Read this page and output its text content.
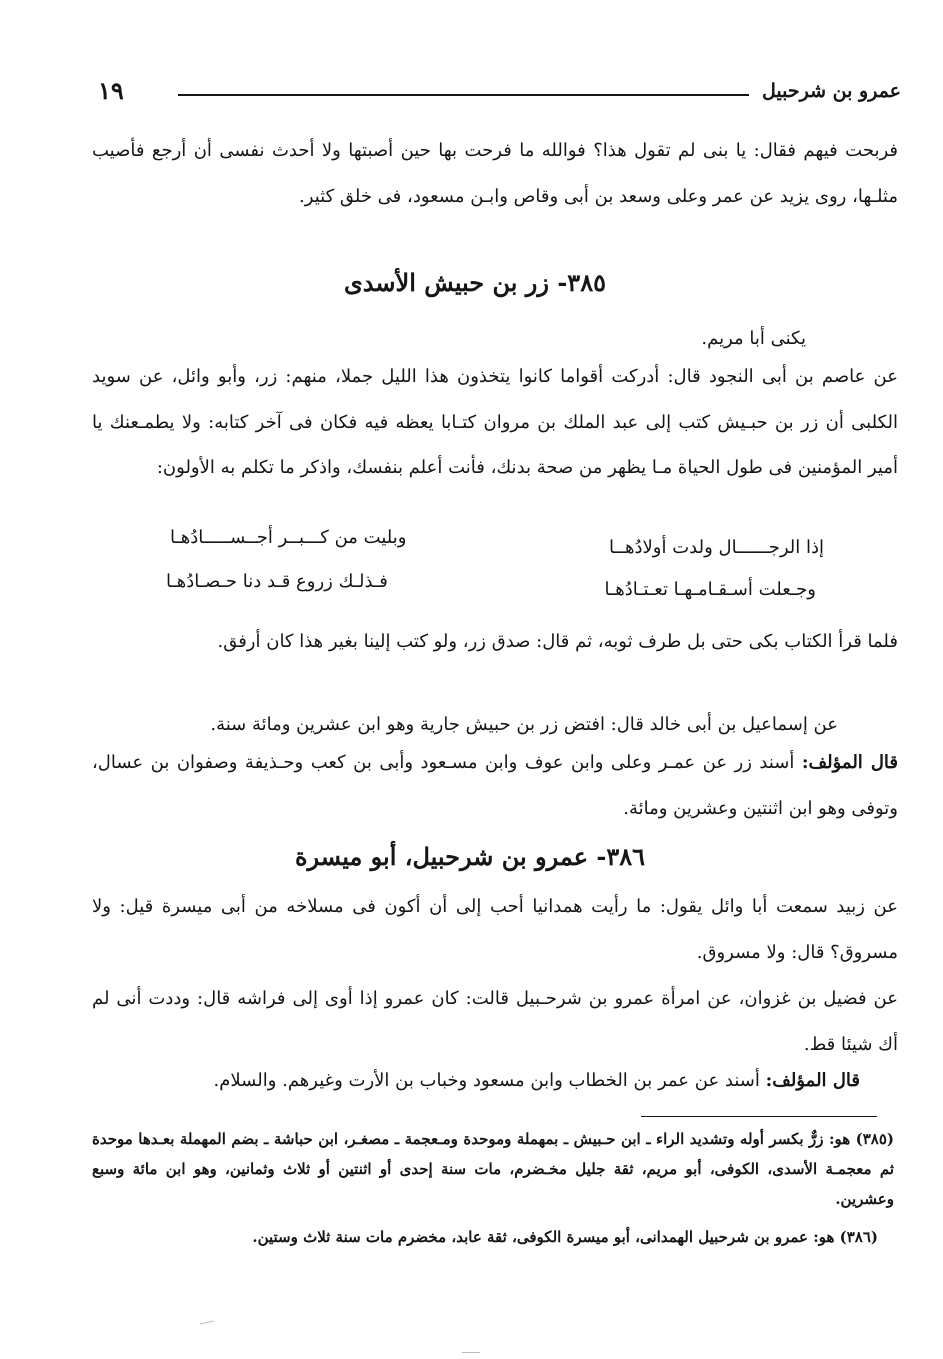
عمرو بن شرحبيل
١٩
فربحت فيهم فقال: يا بنى لم تقول هذا؟ فوالله ما فرحت بها حين أصبتها ولا أحدث نفسى أن أرجع فأصيب مثلـها، روى يزيد عن عمر وعلى وسعد بن أبى وقاص وابـن مسعود، فى خلق كثير.
٣٨٥- زر بن حبيش الأسدى
يكنى أبا مريم.
عن عاصم بن أبى النجود قال: أدركت أقواما كانوا يتخذون هذا الليل جملا، منهم: زر، وأبو وائل، عن سويد الكلبى أن زر بن حبـيش كتب إلى عبد الملك بن مروان كتـابا يعظه فيه فكان فى آخر كتابه: ولا يطمـعنك يا أمير المؤمنين فى طول الحياة مـا يظهر من صحة بدنك، فأنت أعلم بنفسك، واذكر ما تكلم به الأولون:
إذا الرجــــــال ولدت أولادُهــا
وبليت من كـــبــر أجــســـــادُهـا
وجـعلت أسـقـامـهـا تعـتـادُهـا
فـذلـك زروع قـد دنا حـصـادُهـا
فلما قرأ الكتاب بكى حتى بل طرف ثوبه، ثم قال: صدق زر، ولو كتب إلينا بغير هذا كان أرفق.
عن إسماعيل بن أبى خالد قال: افتض زر بن حبيش جارية وهو ابن عشرين ومائة سنة.
قال المؤلف: أسند زر عن عمـر وعلى وابن عوف وابن مسـعود وأبى بن كعب وحـذيفة وصفوان بن عسال، وتوفى وهو ابن اثنتين وعشرين ومائة.
٣٨٦- عمرو بن شرحبيل، أبو ميسرة
عن زبيد سمعت أبا وائل يقول: ما رأيت همدانيا أحب إلى أن أكون فى مسلاخه من أبى ميسرة قيل: ولا مسروق؟ قال: ولا مسروق.
عن فضيل بن غزوان، عن امرأة عمرو بن شرحـبيل قالت: كان عمرو إذا أوى إلى فراشه قال: وددت أنى لم أك شيئا قط.
قال المؤلف: أسند عن عمر بن الخطاب وابن مسعود وخباب بن الأرت وغيرهم. والسلام.
(٣٨٥) هو: زرٌّ بكسر أوله وتشديد الراء ـ ابن حـبيش ـ بمهملة وموحدة ومـعجمة ـ مصغـر، ابن حباشة ـ بضم المهملة بعـدها موحدة ثم معجمـة الأسدى، الكوفى، أبو مريم، ثقة جليل مخـضرم، مات سنة إحدى أو اثنتين أو ثلاث وثمانين، وهو ابن مائة وسبع وعشرين.
(٣٨٦) هو: عمرو بن شرحبيل الهمدانى، أبو ميسرة الكوفى، ثقة عابد، مخضرم مات سنة ثلاث وستين.
